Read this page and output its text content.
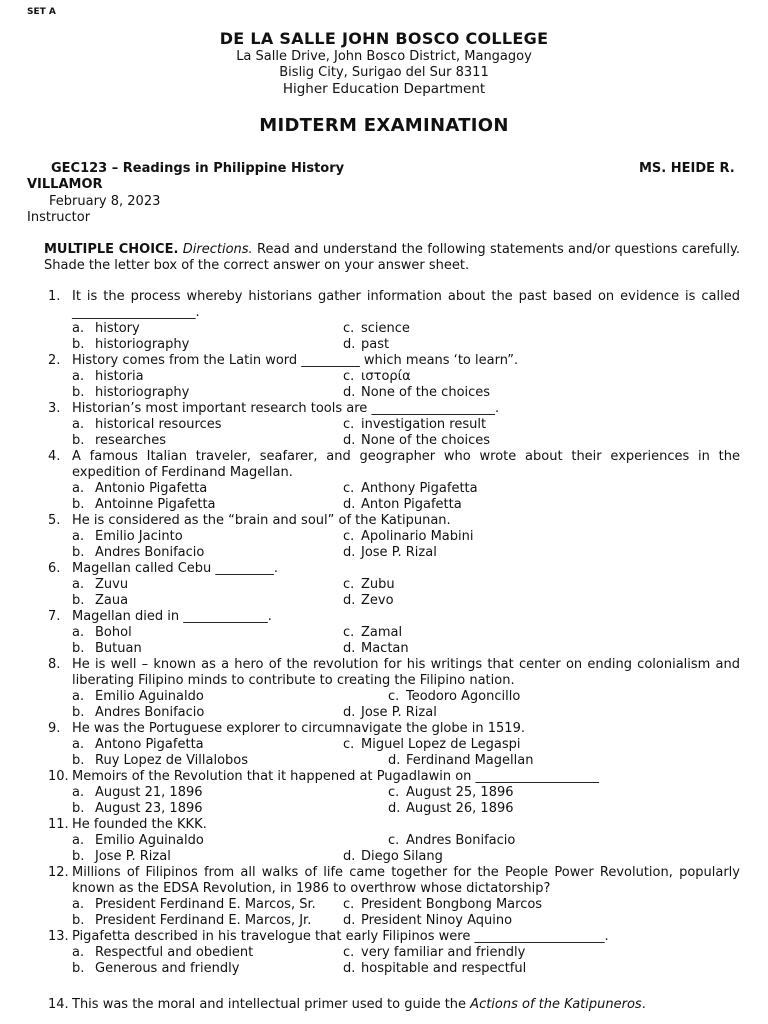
SET A
DE LA SALLE JOHN BOSCO COLLEGE
La Salle Drive, John Bosco District, Mangagoy
Bislig City, Surigao del Sur 8311
Higher Education Department
MIDTERM EXAMINATION
GEC123 – Readings in Philippine History	MS. HEIDE R.
VILLAMOR
February 8, 2023
Instructor
MULTIPLE CHOICE. Directions. Read and understand the following statements and/or questions carefully. Shade the letter box of the correct answer on your answer sheet.
1. It is the process whereby historians gather information about the past based on evidence is called ___________________.
a. history
b. historiography
c. science
d. past
2. History comes from the Latin word _________ which means ‘to learn”.
a. historia
b. historiography
c. ιστορία
d. None of the choices
3. Historian’s most important research tools are ___________________.
a. historical resources
b. researches
c. investigation result
d. None of the choices
4. A famous Italian traveler, seafarer, and geographer who wrote about their experiences in the expedition of Ferdinand Magellan.
a. Antonio Pigafetta
b. Antoinne Pigafetta
c. Anthony Pigafetta
d. Anton Pigafetta
5. He is considered as the “brain and soul” of the Katipunan.
a. Emilio Jacinto
b. Andres Bonifacio
c. Apolinario Mabini
d. Jose P. Rizal
6. Magellan called Cebu _________.
a. Zuvu
b. Zaua
c. Zubu
d. Zevo
7. Magellan died in _____________.
a. Bohol
b. Butuan
c. Zamal
d. Mactan
8. He is well – known as a hero of the revolution for his writings that center on ending colonialism and liberating Filipino minds to contribute to creating the Filipino nation.
a. Emilio Aguinaldo
b. Andres Bonifacio
c. Teodoro Agoncillo
d. Jose P. Rizal
9. He was the Portuguese explorer to circumnavigate the globe in 1519.
a. Antono Pigafetta
b. Ruy Lopez de Villalobos
c. Miguel Lopez de Legaspi
d. Ferdinand Magellan
10. Memoirs of the Revolution that it happened at Pugadlawin on ___________________
a. August 21, 1896
b. August 23, 1896
c. August 25, 1896
d. August 26, 1896
11. He founded the KKK.
a. Emilio Aguinaldo
b. Jose P. Rizal
c. Andres Bonifacio
d. Diego Silang
12. Millions of Filipinos from all walks of life came together for the People Power Revolution, popularly known as the EDSA Revolution, in 1986 to overthrow whose dictatorship?
a. President Ferdinand E. Marcos, Sr.
b. President Ferdinand E. Marcos, Jr.
c. President Bongbong Marcos
d. President Ninoy Aquino
13. Pigafetta described in his travelogue that early Filipinos were ____________________.
a. Respectful and obedient
b. Generous and friendly
c. very familiar and friendly
d. hospitable and respectful
14. This was the moral and intellectual primer used to guide the Actions of the Katipuneros.
